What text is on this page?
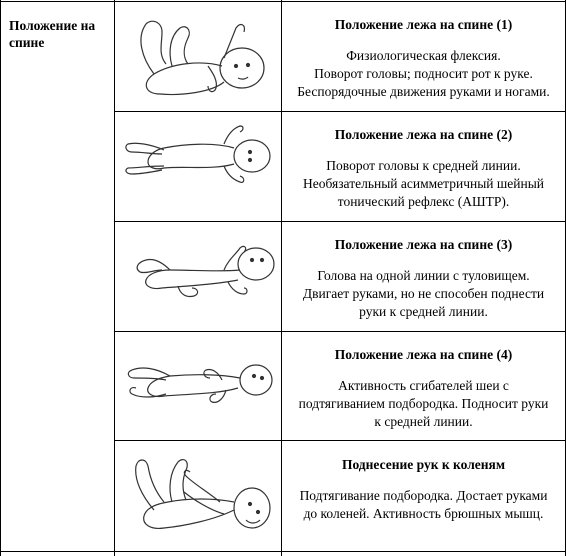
Положение на спине
Положение лежа на спине (1)
Физиологическая флексия.
Поворот головы; подносит рот к руке.
Беспорядочные движения руками и ногами.
Положение лежа на спине (2)
Поворот головы к средней линии.
Необязательный асимметричный шейный
тонический рефлекс (АШТР).
Положение лежа на спине (3)
Голова на одной линии с туловищем.
Двигает руками, но не способен поднести
руки к средней линии.
Положение лежа на спине (4)
Активность сгибателей шеи с
подтягиванием подбородка. Подносит руки
к средней линии.
Поднесение рук к коленям
Подтягивание подбородка. Достает руками
до коленей. Активность брюшных мышц.
